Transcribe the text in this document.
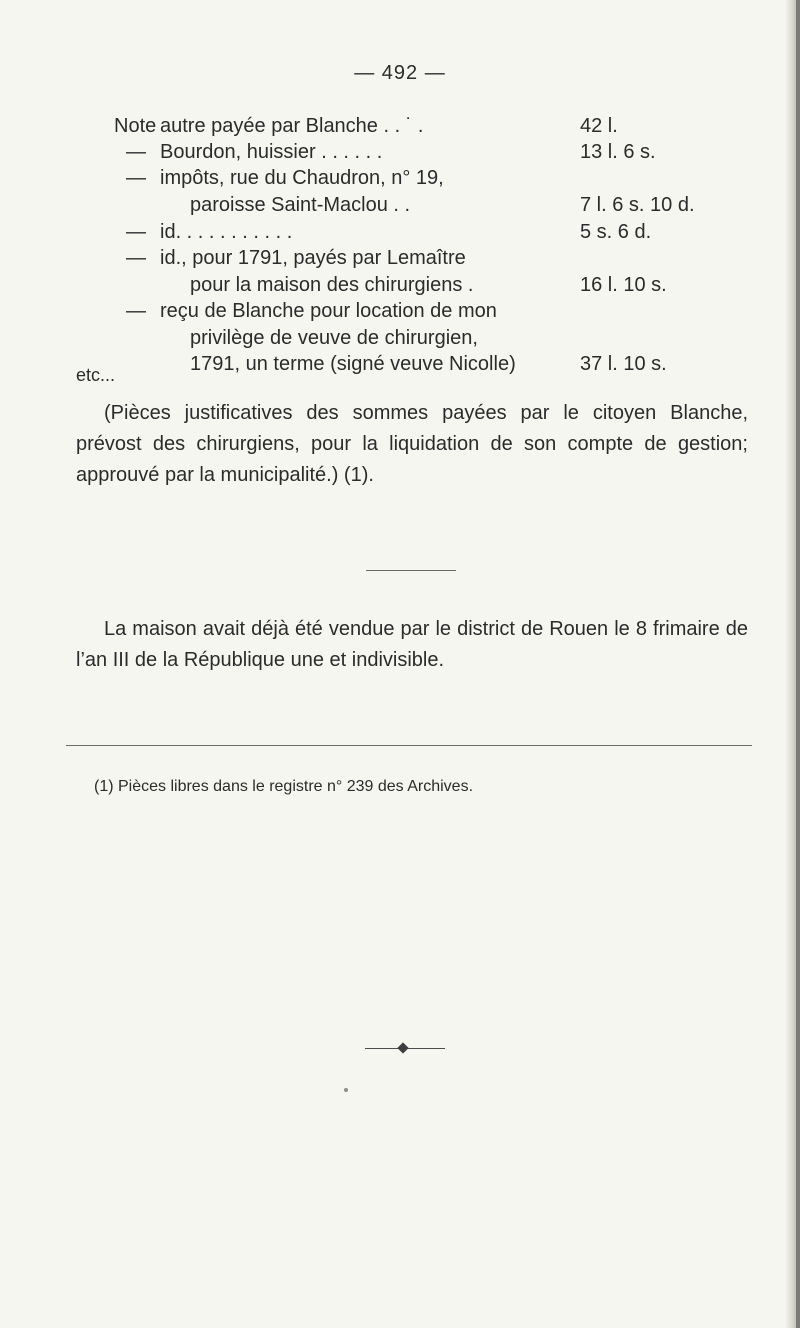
— 492 —
Note autre payée par Blanche . . ˙ .	42 l.
— Bourdon, huissier . . . . . .	13 l. 6 s.
— impôts, rue du Chaudron, n° 19,
paroisse Saint-Maclou . .	7 l. 6 s. 10 d.
— id. . . . . . . . . . .	5 s. 6 d.
— id., pour 1791, payés par Lemaître
pour la maison des chirurgiens .	16 l. 10 s.
— reçu de Blanche pour location de mon
privilège de veuve de chirurgien,
1791, un terme (signé veuve Nicolle)	37 l. 10 s.
etc...
(Pièces justificatives des sommes payées par le citoyen Blanche, prévost des chirurgiens, pour la liquidation de son compte de gestion; approuvé par la municipalité.) (1).
La maison avait déjà été vendue par le district de Rouen le 8 frimaire de l’an III de la République une et indivisible.
(1) Pièces libres dans le registre n° 239 des Archives.
